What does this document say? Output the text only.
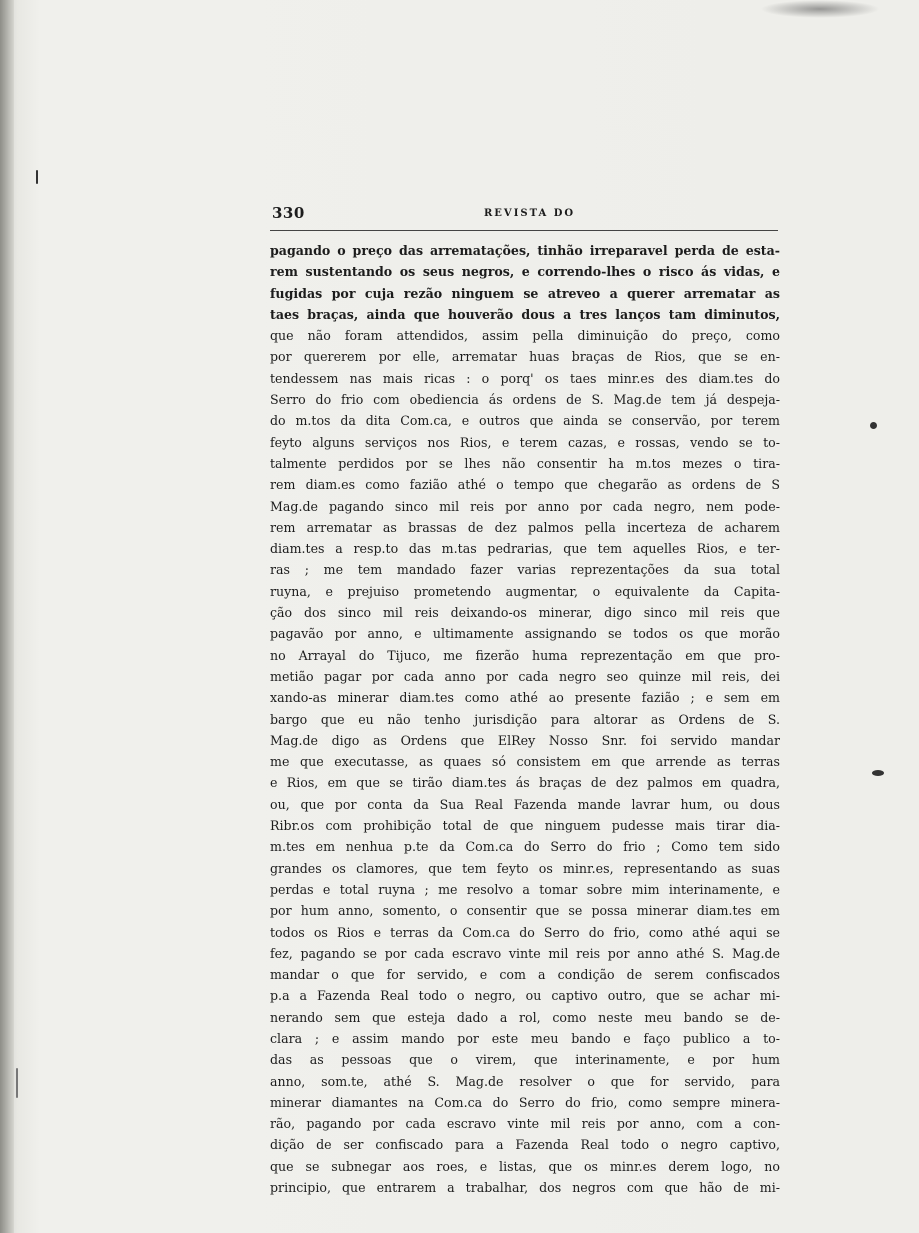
330	REVISTA DO
pagando o preço das arrematações, tinhão irreparavel perda de esta-
rem sustentando os seus negros, e correndo-lhes o risco ás vidas, e
fugidas por cuja rezão ninguem se atreveo a querer arrematar as
taes braças, ainda que houverão dous a tres lanços tam diminutos,
que não foram attendidos, assim pella diminuição do preço, como
por quererem por elle, arrematar huas braças de Rios, que se en-
tendessem nas mais ricas : o porq' os taes minr.es des diam.tes do
Serro do frio com obediencia ás ordens de S. Mag.de tem já despeja-
do m.tos da dita Com.ca, e outros que ainda se conservão, por terem
feyto alguns serviços nos Rios, e terem cazas, e rossas, vendo se to-
talmente perdidos por se lhes não consentir ha m.tos mezes o tira-
rem diam.es como fazião athé o tempo que chegarão as ordens de S
Mag.de pagando sinco mil reis por anno por cada negro, nem pode-
rem arrematar as brassas de dez palmos pella incerteza de acharem
diam.tes a resp.to das m.tas pedrarias, que tem aquelles Rios, e ter-
ras ; me tem mandado fazer varias reprezentações da sua total
ruyna, e prejuiso prometendo augmentar, o equivalente da Capita-
ção dos sinco mil reis deixando-os minerar, digo sinco mil reis que
pagavão por anno, e ultimamente assignando se todos os que morão
no Arrayal do Tijuco, me fizerão huma reprezentação em que pro-
metião pagar por cada anno por cada negro seo quinze mil reis, dei
xando-as minerar diam.tes como athé ao presente fazião ; e sem em
bargo que eu não tenho jurisdição para altorar as Ordens de S.
Mag.de digo as Ordens que ElRey Nosso Snr. foi servido mandar
me que executasse, as quaes só consistem em que arrende as terras
e Rios, em que se tirão diam.tes ás braças de dez palmos em quadra,
ou, que por conta da Sua Real Fazenda mande lavrar hum, ou dous
Ribr.os com prohibição total de que ninguem pudesse mais tirar dia-
m.tes em nenhua p.te da Com.ca do Serro do frio ; Como tem sido
grandes os clamores, que tem feyto os minr.es, representando as suas
perdas e total ruyna ; me resolvo a tomar sobre mim interinamente, e
por hum anno, somento, o consentir que se possa minerar diam.tes em
todos os Rios e terras da Com.ca do Serro do frio, como athé aqui se
fez, pagando se por cada escravo vinte mil reis por anno athé S. Mag.de
mandar o que for servido, e com a condição de serem confiscados
p.a a Fazenda Real todo o negro, ou captivo outro, que se achar mi-
nerando sem que esteja dado a rol, como neste meu bando se de-
clara ; e assim mando por este meu bando e faço publico a to-
das as pessoas que o virem, que interinamente, e por hum
anno, som.te, athé S. Mag.de resolver o que for servido, para
minerar diamantes na Com.ca do Serro do frio, como sempre minera-
rão, pagando por cada escravo vinte mil reis por anno, com a con-
dição de ser confiscado para a Fazenda Real todo o negro captivo,
que se subnegar aos roes, e listas, que os minr.es derem logo, no
principio, que entrarem a trabalhar, dos negros com que hão de mi-
